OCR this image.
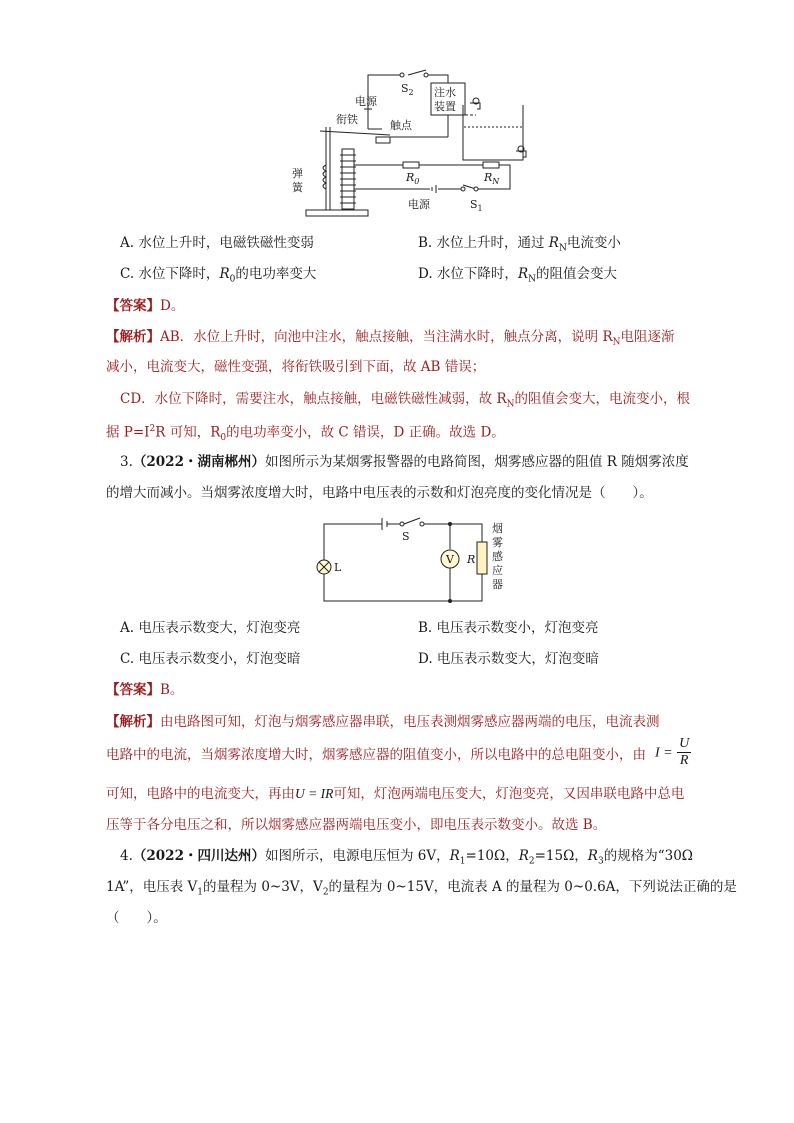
$S_2$
电源
注水
装置
衔铁	触点
弹
簧
$R_0$	$R_N$
电源	$S_1$
A. 水位上升时，电磁铁磁性变弱	B. 水位上升时，通过 $R_N$电流变小
C. 水位下降时，$R_0$的电功率变大	D. 水位下降时，$R_N$的阻值会变大
【答案】D。
【解析】AB．水位上升时，向池中注水，触点接触，当注满水时，触点分离，说明 $R_N$电阻逐渐
减小，电流变大，磁性变强，将衔铁吸引到下面，故 AB 错误；
CD．水位下降时，需要注水，触点接触，电磁铁磁性减弱，故 $R_N$的阻值会变大，电流变小，根
据 $P=I^2R$ 可知，$R_0$的电功率变小，故 C 错误，D 正确。故选 D。
3.（2022・湖南郴州）如图所示为某烟雾报警器的电路简图，烟雾感应器的阻值 R 随烟雾浓度
的增大而减小。当烟雾浓度增大时，电路中电压表的示数和灯泡亮度的变化情况是（　　）。
S
L
V R
烟
雾
感
应
器
A. 电压表示数变大，灯泡变亮	B. 电压表示数变小，灯泡变亮
C. 电压表示数变小，灯泡变暗	D. 电压表示数变大，灯泡变暗
【答案】B。
【解析】由电路图可知，灯泡与烟雾感应器串联，电压表测烟雾感应器两端的电压，电流表测
电路中的电流，当烟雾浓度增大时，烟雾感应器的阻值变小，所以电路中的总电阻变小，由 $I = \frac{U}{R}$
可知，电路中的电流变大，再由U = IR可知，灯泡两端电压变大，灯泡变亮，又因串联电路中总电
压等于各分电压之和，所以烟雾感应器两端电压变小，即电压表示数变小。故选 B。
4.（2022・四川达州）如图所示，电源电压恒为 6V，$R_1=10\Omega$，$R_2=15\Omega$，$R_3$的规格为“30Ω
1A”，电压表 $V_1$的量程为 0~3V，$V_2$的量程为 0~15V，电流表 A 的量程为 0~0.6A，下列说法正确的是
（　　）。
